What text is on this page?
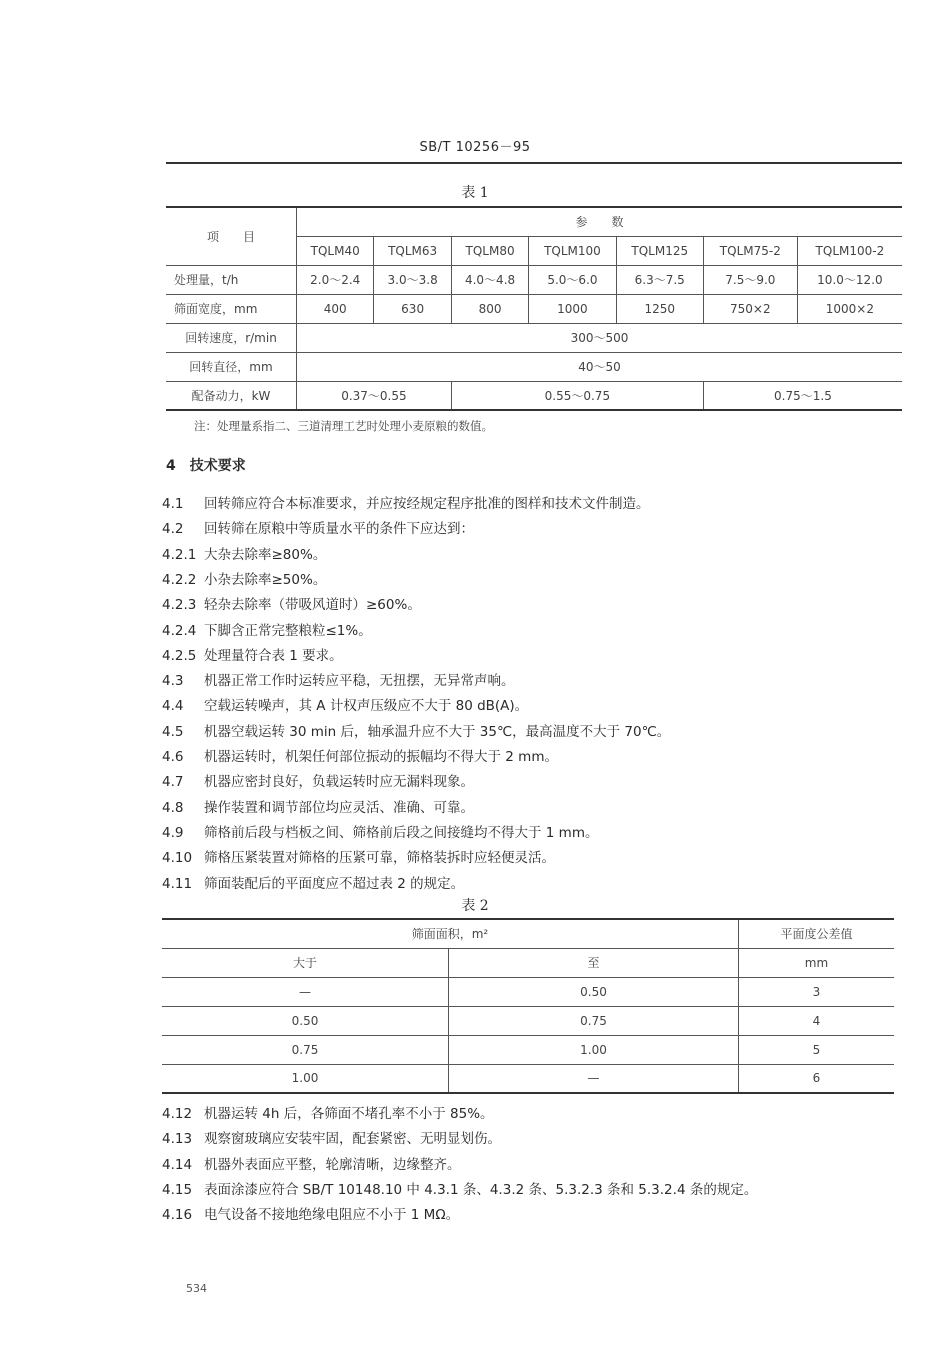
SB/T 10256－95
表 1
项　　目	参　　数						
	TQLM40	TQLM63	TQLM80	TQLM100	TQLM125	TQLM75-2	TQLM100-2
处理量，t/h	2.0～2.4	3.0～3.8	4.0～4.8	5.0～6.0	6.3～7.5	7.5～9.0	10.0～12.0
筛面宽度，mm	400	630	800	1000	1250	750×2	1000×2
回转速度，r/min	300～500						
回转直径，mm	40～50						
配备动力，kW	0.37～0.55		0.55～0.75			0.75～1.5	
注：处理量系指二、三道清理工艺时处理小麦原粮的数值。
4　技术要求
4.1 回转筛应符合本标准要求，并应按经规定程序批准的图样和技术文件制造。
4.2 回转筛在原粮中等质量水平的条件下应达到：
4.2.1 大杂去除率≥80%。
4.2.2 小杂去除率≥50%。
4.2.3 轻杂去除率（带吸风道时）≥60%。
4.2.4 下脚含正常完整粮粒≤1%。
4.2.5 处理量符合表 1 要求。
4.3 机器正常工作时运转应平稳，无扭摆，无异常声响。
4.4 空载运转噪声，其 A 计权声压级应不大于 80 dB(A)。
4.5 机器空载运转 30 min 后，轴承温升应不大于 35℃，最高温度不大于 70℃。
4.6 机器运转时，机架任何部位振动的振幅均不得大于 2 mm。
4.7 机器应密封良好，负载运转时应无漏料现象。
4.8 操作装置和调节部位均应灵活、准确、可靠。
4.9 筛格前后段与档板之间、筛格前后段之间接缝均不得大于 1 mm。
4.10 筛格压紧装置对筛格的压紧可靠，筛格装拆时应轻便灵活。
4.11 筛面装配后的平面度应不超过表 2 的规定。
表 2
筛面面积，m²		平面度公差值
大于	至	mm
—	0.50	3
0.50	0.75	4
0.75	1.00	5
1.00	—	6
4.12 机器运转 4h 后，各筛面不堵孔率不小于 85%。
4.13 观察窗玻璃应安装牢固，配套紧密、无明显划伤。
4.14 机器外表面应平整，轮廓清晰，边缘整齐。
4.15 表面涂漆应符合 SB/T 10148.10 中 4.3.1 条、4.3.2 条、5.3.2.3 条和 5.3.2.4 条的规定。
4.16 电气设备不接地绝缘电阻应不小于 1 MΩ。
534
